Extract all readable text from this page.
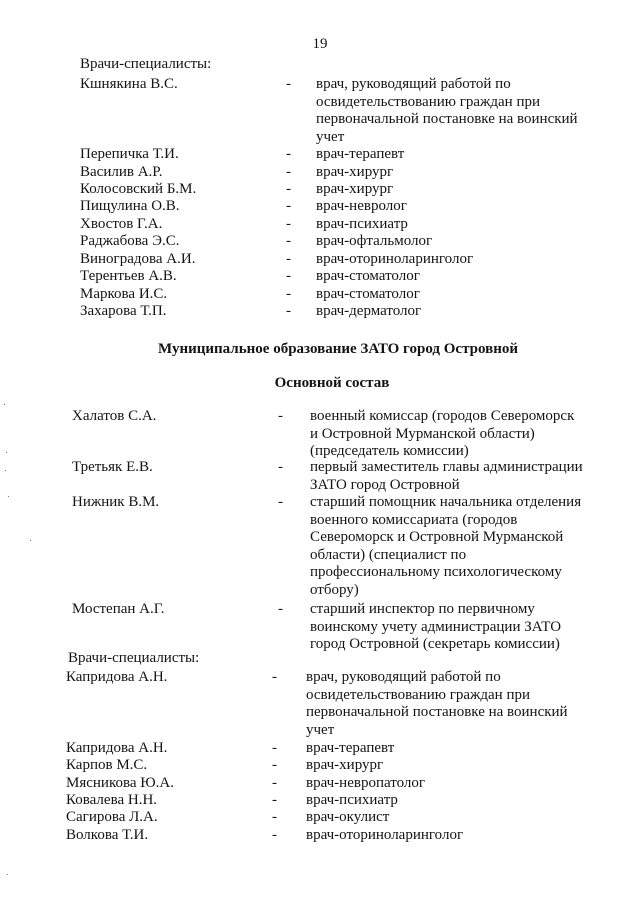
19
Врачи-специалисты:
Кшнякина В.С.	- врач, руководящий работой по
освидетельствованию граждан при
первоначальной постановке на воинский
учет
Перепичка Т.И.	- врач-терапевт
Василив А.Р.	- врач-хирург
Колосовский Б.М.	- врач-хирург
Пищулина О.В.	- врач-невролог
Хвостов Г.А.	- врач-психиатр
Раджабова Э.С.	- врач-офтальмолог
Виноградова А.И.	- врач-оториноларинголог
Терентьев А.В.	- врач-стоматолог
Маркова И.С.	- врач-стоматолог
Захарова Т.П.	- врач-дерматолог
Муниципальное образование ЗАТО город Островной
Основной состав
Халатов С.А.	- военный комиссар (городов Североморск
и Островной Мурманской области)
(председатель комиссии)
Третьяк Е.В.	- первый заместитель главы администрации
ЗАТО город Островной
Нижник В.М.	- старший помощник начальника отделения
военного комиссариата (городов
Североморск и Островной Мурманской
области) (специалист по
профессиональному психологическому
отбору)
Мостепан А.Г.	- старший инспектор по первичному
воинскому учету администрации ЗАТО
город Островной (секретарь комиссии)
Врачи-специалисты:
Капридова А.Н.	- врач, руководящий работой по
освидетельствованию граждан при
первоначальной постановке на воинский
учет
Капридова А.Н.	- врач-терапевт
Карпов М.С.	- врач-хирург
Мясникова Ю.А.	- врач-невропатолог
Ковалева Н.Н.	- врач-психиатр
Сагирова Л.А.	- врач-окулист
Волкова Т.И.	- врач-оториноларинголог
